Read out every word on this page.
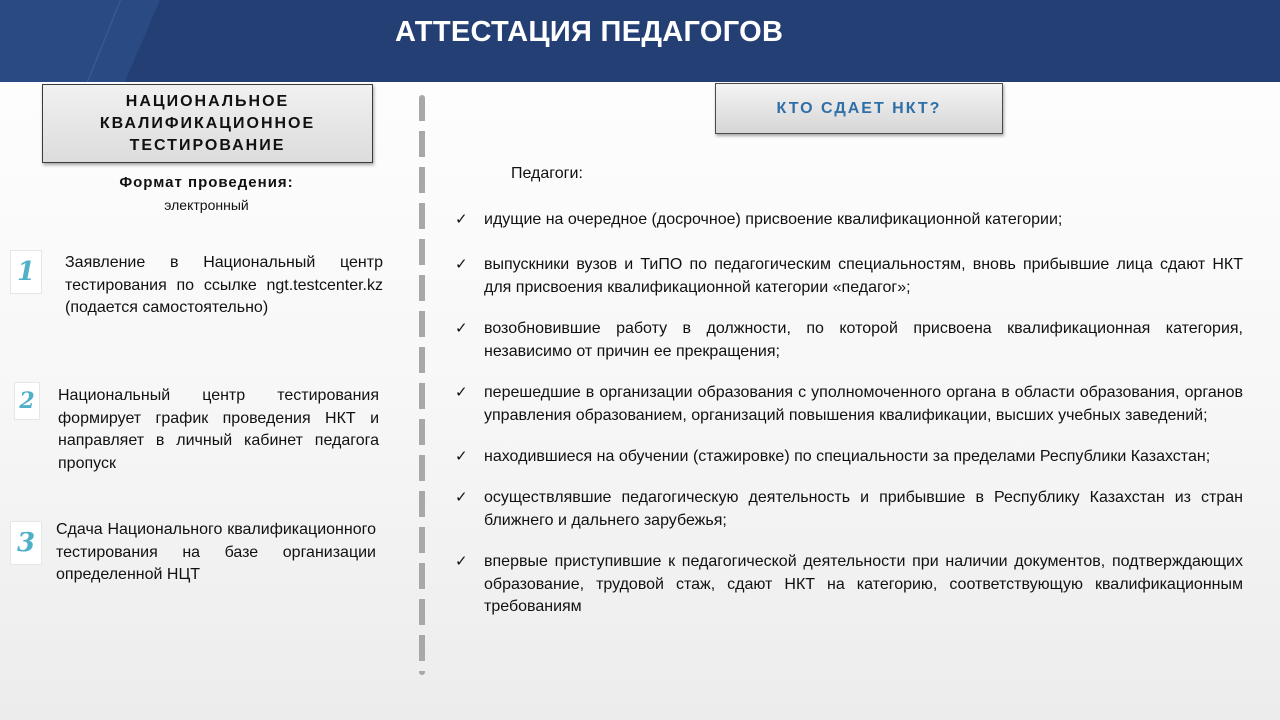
АТТЕСТАЦИЯ ПЕДАГОГОВ
НАЦИОНАЛЬНОЕ
КВАЛИФИКАЦИОННОЕ
ТЕСТИРОВАНИЕ
Формат проведения:
электронный
1	Заявление в Национальный центр тестирования по ссылке ngt.testcenter.kz (подается самостоятельно)
2	Национальный центр тестирования формирует график проведения НКТ и направляет в личный кабинет педагога пропуск
3	Сдача Национального квалификационного тестирования на базе организации определенной НЦТ
КТО СДАЕТ НКТ?
Педагоги:
✓	идущие на очередное (досрочное) присвоение квалификационной категории;
✓	выпускники вузов и ТиПО по педагогическим специальностям, вновь прибывшие лица сдают НКТ для присвоения квалификационной категории «педагог»;
✓	возобновившие работу в должности, по которой присвоена квалификационная категория, независимо от причин ее прекращения;
✓	перешедшие в организации образования с уполномоченного органа в области образования, органов управления образованием, организаций повышения квалификации, высших учебных заведений;
✓	находившиеся на обучении (стажировке) по специальности за пределами Республики Казахстан;
✓	осуществлявшие педагогическую деятельность и прибывшие в Республику Казахстан из стран ближнего и дальнего зарубежья;
✓	впервые приступившие к педагогической деятельности при наличии документов, подтверждающих образование, трудовой стаж, сдают НКТ на категорию, соответствующую квалификационным требованиям
